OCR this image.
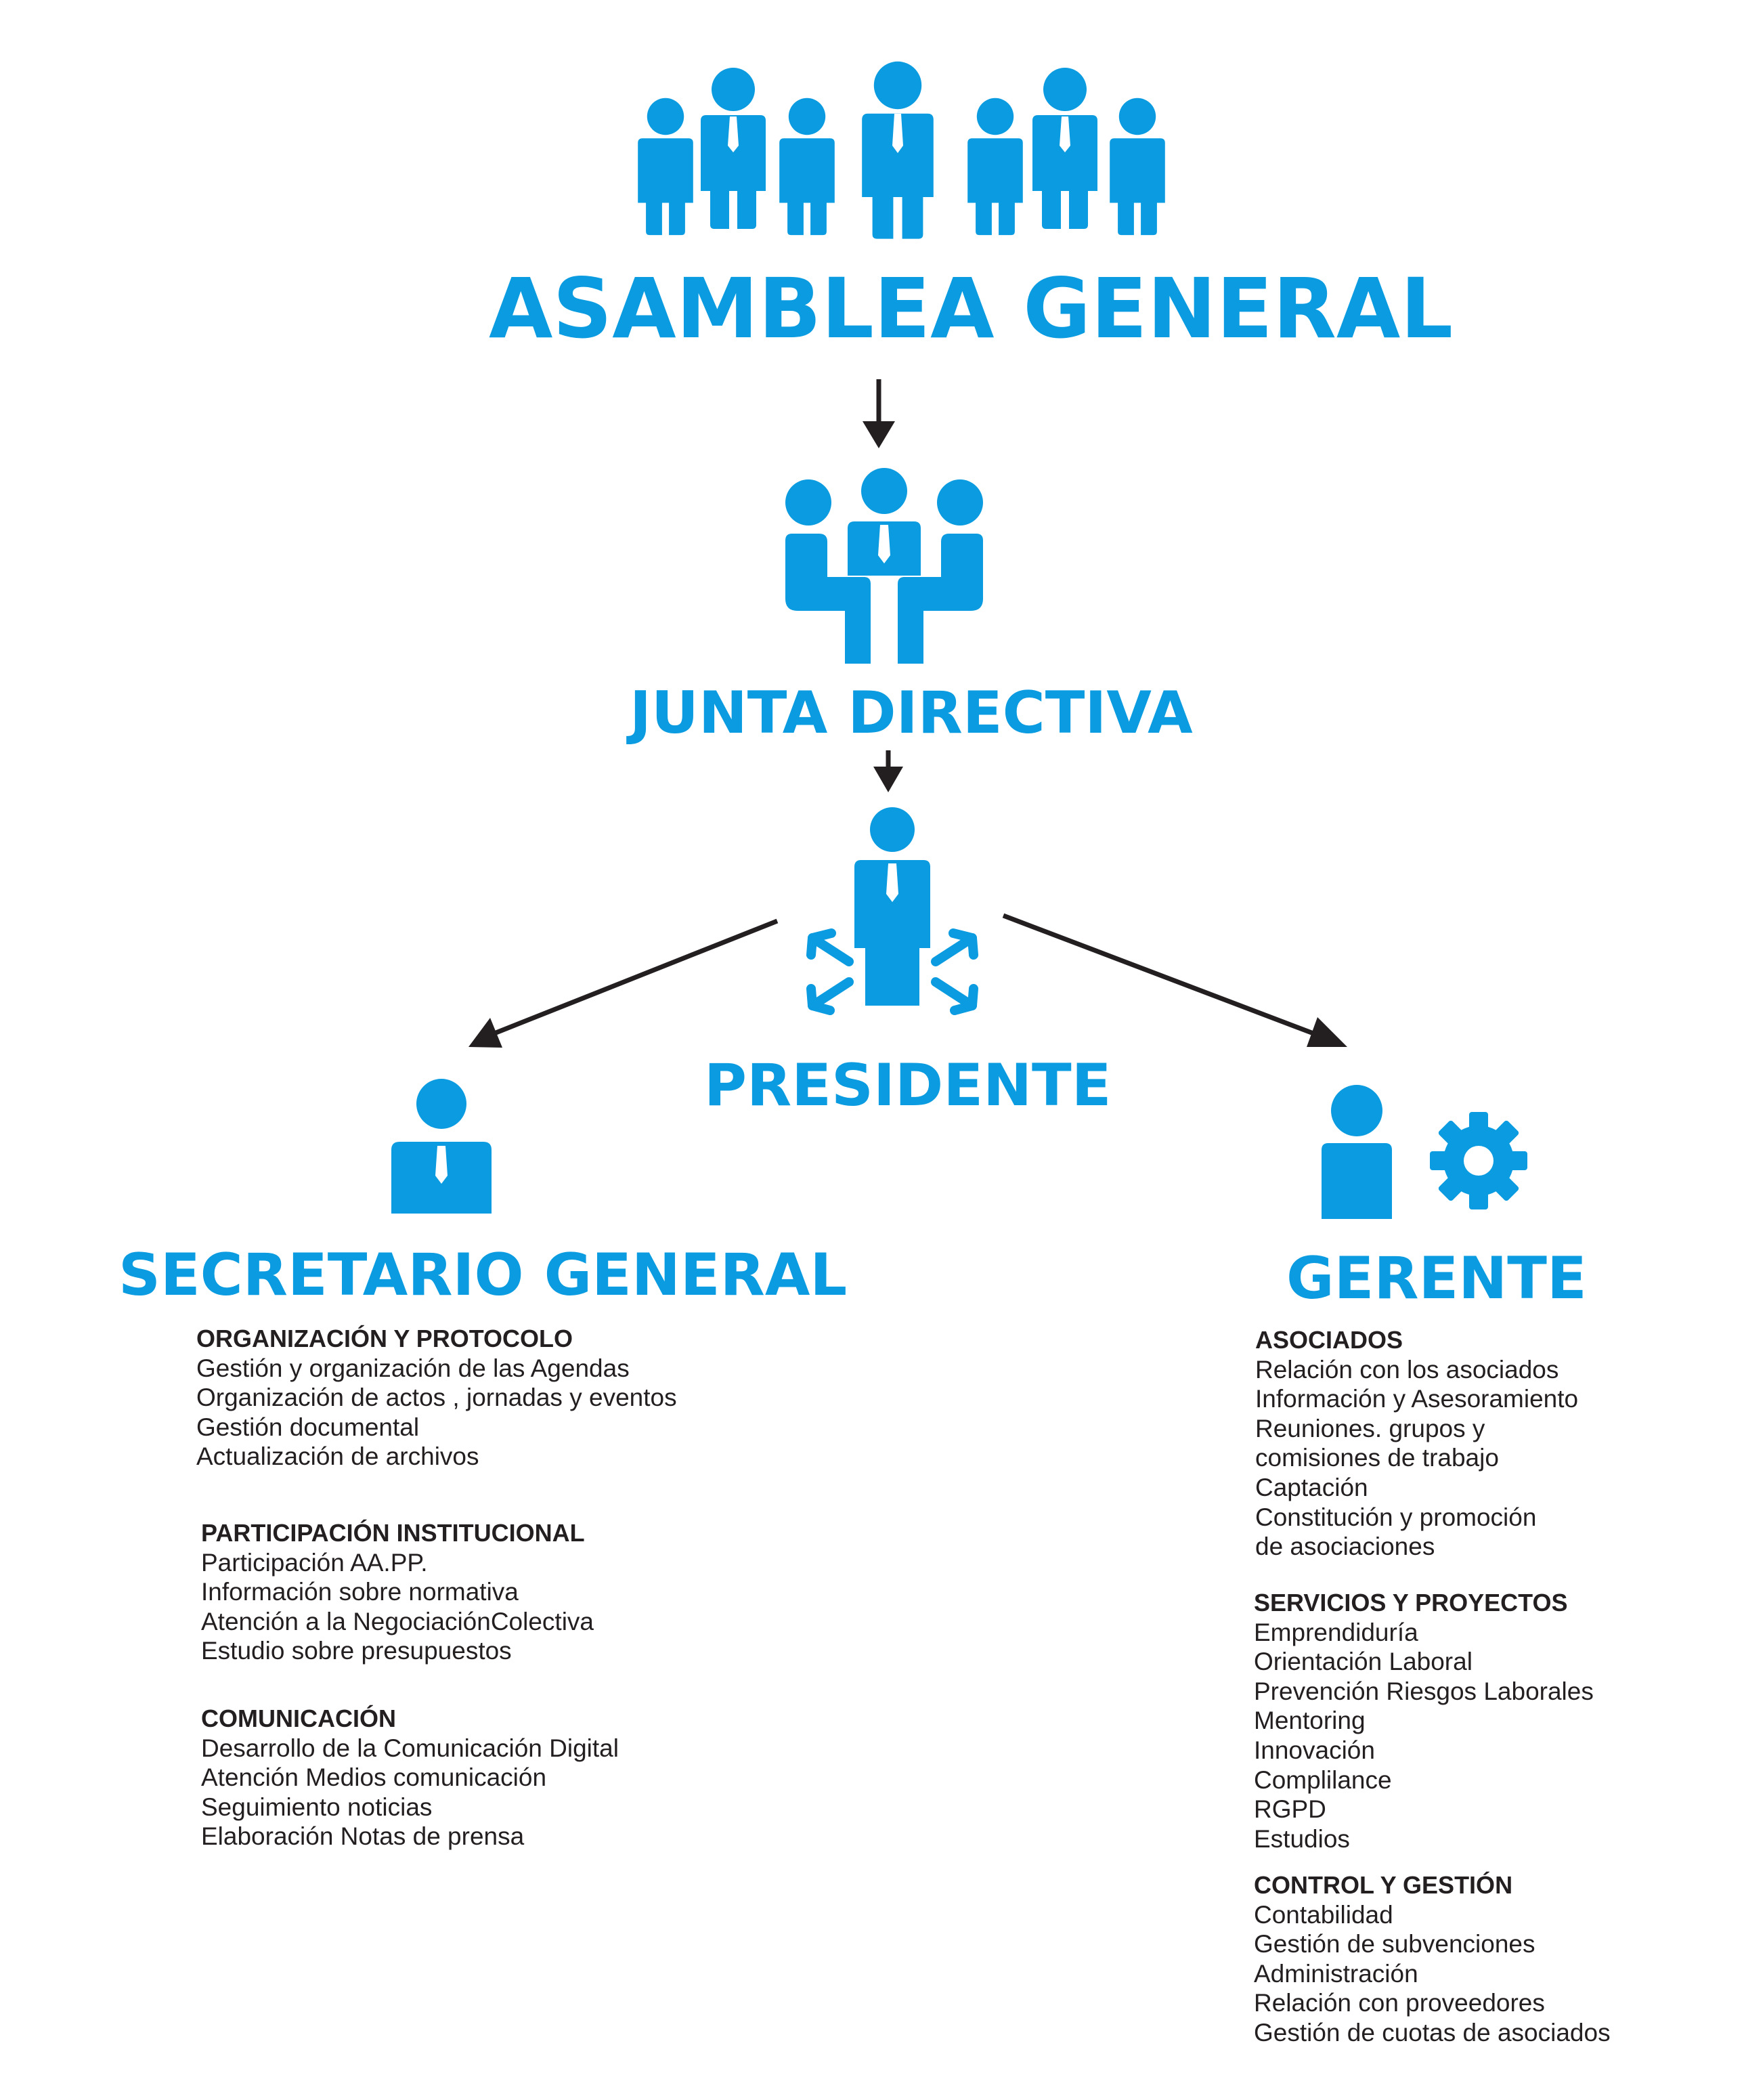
ASAMBLEA GENERAL
JUNTA DIRECTIVA
PRESIDENTE
SECRETARIO GENERAL	GERENTE
ORGANIZACIÓN Y PROTOCOLO
Gestión y organización de las Agendas
Organización de actos , jornadas y eventos
Gestión documental
Actualización de archivos
PARTICIPACIÓN INSTITUCIONAL
Participación AA.PP.
Información sobre normativa
Atención a la NegociaciónColectiva
Estudio sobre presupuestos
COMUNICACIÓN
Desarrollo de la Comunicación Digital
Atención Medios comunicación
Seguimiento noticias
Elaboración Notas de prensa
ASOCIADOS
Relación con los asociados
Información y Asesoramiento
Reuniones. grupos y
comisiones de trabajo
Captación
Constitución y promoción
de asociaciones
SERVICIOS Y PROYECTOS
Emprendiduría
Orientación Laboral
Prevención Riesgos Laborales
Mentoring
Innovación
Complilance
RGPD
Estudios
CONTROL Y GESTIÓN
Contabilidad
Gestión de subvenciones
Administración
Relación con proveedores
Gestión de cuotas de asociados
